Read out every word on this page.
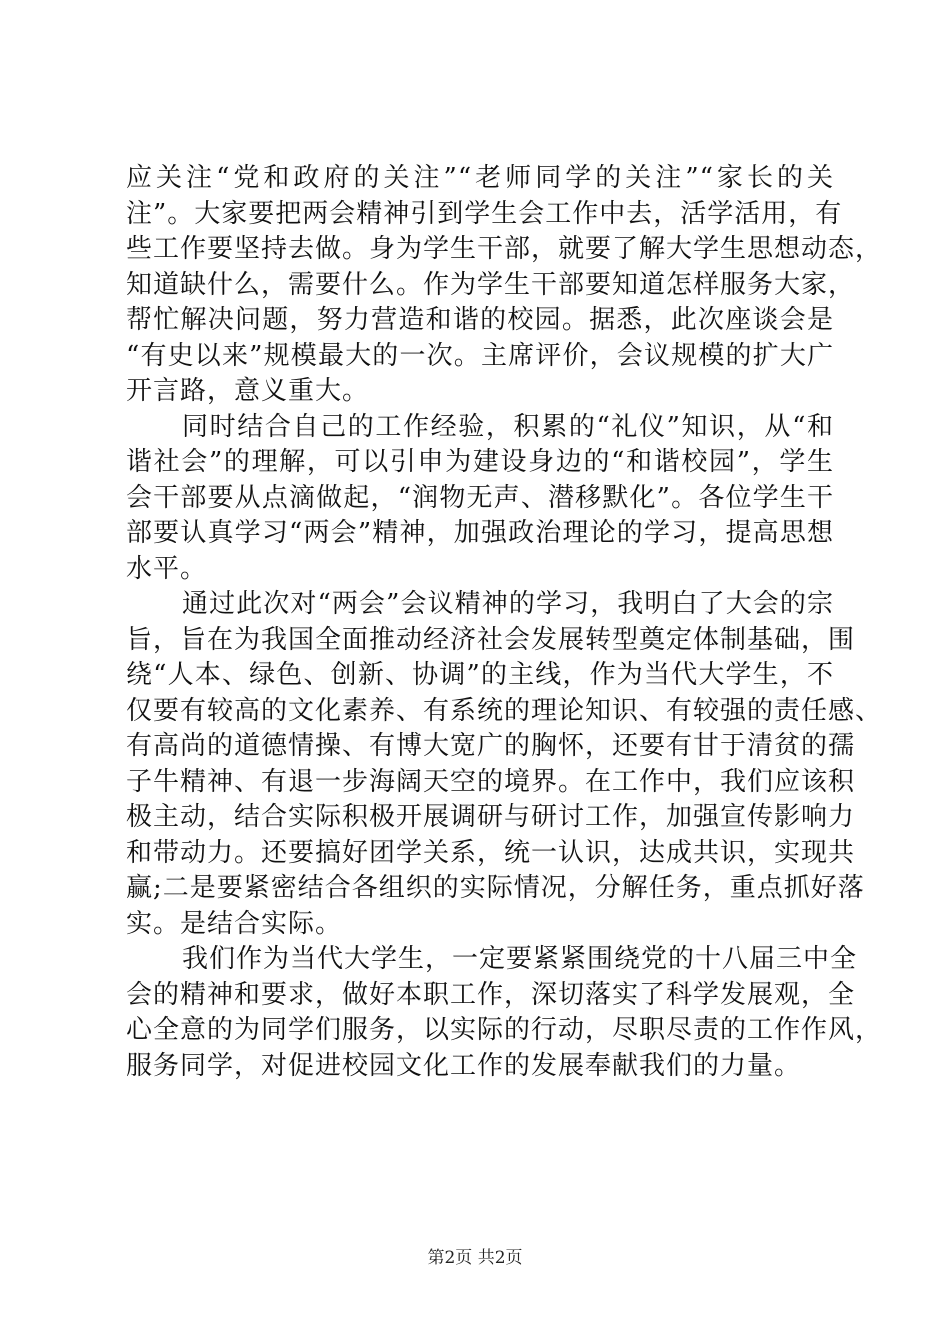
应关注“党和政府的关注”“老师同学的关注”“家长的关
注”。大家要把两会精神引到学生会工作中去，活学活用，有
些工作要坚持去做。身为学生干部，就要了解大学生思想动态，
知道缺什么，需要什么。作为学生干部要知道怎样服务大家，
帮忙解决问题，努力营造和谐的校园。据悉，此次座谈会是
“有史以来”规模最大的一次。主席评价，会议规模的扩大广
开言路，意义重大。
同时结合自己的工作经验，积累的“礼仪”知识，从“和
谐社会”的理解，可以引申为建设身边的“和谐校园”，学生
会干部要从点滴做起，“润物无声、潜移默化”。各位学生干
部要认真学习“两会”精神，加强政治理论的学习，提高思想
水平。
通过此次对“两会”会议精神的学习，我明白了大会的宗
旨，旨在为我国全面推动经济社会发展转型奠定体制基础，围
绕“人本、绿色、创新、协调”的主线，作为当代大学生，不
仅要有较高的文化素养、有系统的理论知识、有较强的责任感、
有高尚的道德情操、有博大宽广的胸怀，还要有甘于清贫的孺
子牛精神、有退一步海阔天空的境界。在工作中，我们应该积
极主动，结合实际积极开展调研与研讨工作，加强宣传影响力
和带动力。还要搞好团学关系，统一认识，达成共识，实现共
赢;二是要紧密结合各组织的实际情况，分解任务，重点抓好落
实。是结合实际。
我们作为当代大学生，一定要紧紧围绕党的十八届三中全
会的精神和要求，做好本职工作，深切落实了科学发展观，全
心全意的为同学们服务，以实际的行动，尽职尽责的工作作风，
服务同学，对促进校园文化工作的发展奉献我们的力量。
第2页 共2页
